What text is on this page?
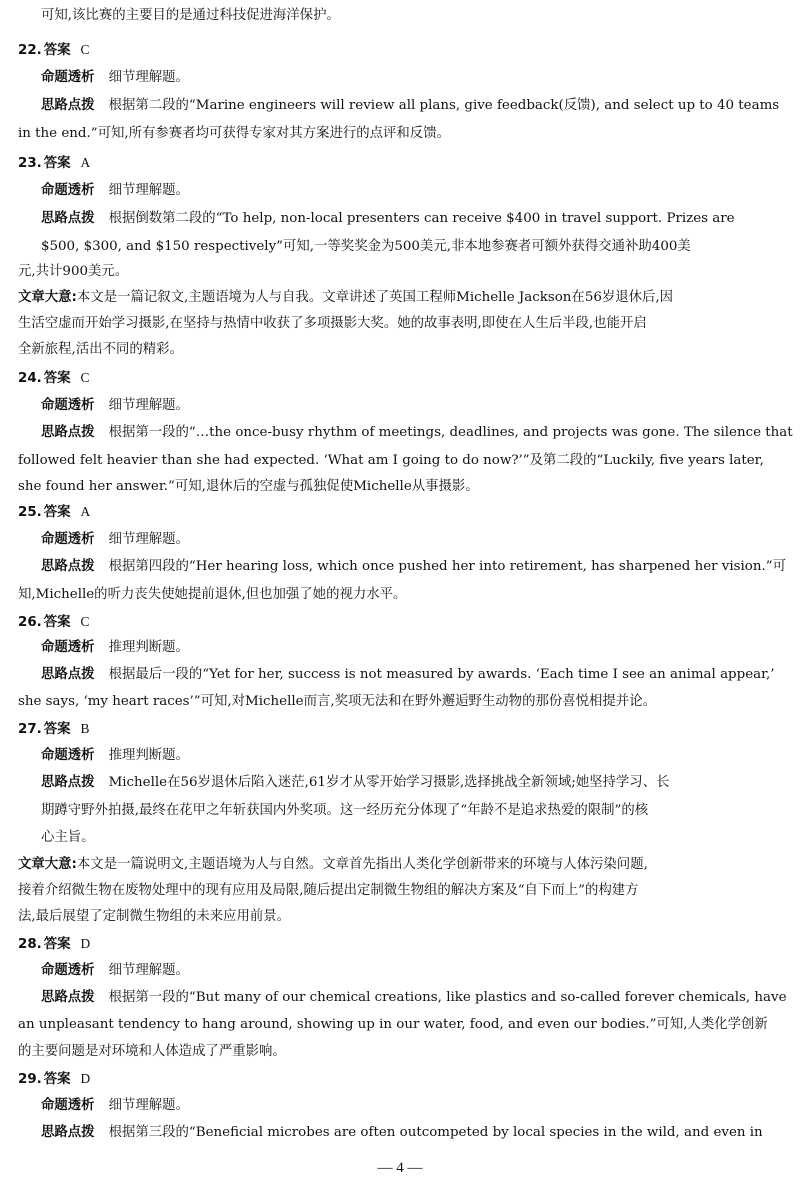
可知,该比赛的主要目的是通过科技促进海洋保护。
22. 答案 C
命题透析 细节理解题。
思路点拨 根据第二段的“Marine engineers will review all plans, give feedback(反馈), and select up to 40 teams
in the end.”可知,所有参赛者均可获得专家对其方案进行的点评和反馈。
23. 答案 A
命题透析 细节理解题。
思路点拨 根据倒数第二段的“To help, non-local presenters can receive $400 in travel support. Prizes are
$500, $300, and $150 respectively”可知,一等奖奖金为500美元,非本地参赛者可额外获得交通补助400美
元,共计900美元。
文章大意:本文是一篇记叙文,主题语境为人与自我。文章讲述了英国工程师Michelle Jackson在56岁退休后,因
生活空虚而开始学习摄影,在坚持与热情中收获了多项摄影大奖。她的故事表明,即使在人生后半段,也能开启
全新旅程,活出不同的精彩。
24. 答案 C
命题透析 细节理解题。
思路点拨 根据第一段的“…the once-busy rhythm of meetings, deadlines, and projects was gone. The silence that
followed felt heavier than she had expected. ‘What am I going to do now?’”及第二段的“Luckily, five years later,
she found her answer.”可知,退休后的空虚与孤独促使Michelle从事摄影。
25. 答案 A
命题透析 细节理解题。
思路点拨 根据第四段的“Her hearing loss, which once pushed her into retirement, has sharpened her vision.”可
知,Michelle的听力丧失使她提前退休,但也加强了她的视力水平。
26. 答案 C
命题透析 推理判断题。
思路点拨 根据最后一段的“Yet for her, success is not measured by awards. ‘Each time I see an animal appear,’
she says, ‘my heart races’”可知,对Michelle而言,奖项无法和在野外邂逅野生动物的那份喜悦相提并论。
27. 答案 B
命题透析 推理判断题。
思路点拨 Michelle在56岁退休后陷入迷茫,61岁才从零开始学习摄影,选择挑战全新领域;她坚持学习、长
期蹲守野外拍摄,最终在花甲之年斩获国内外奖项。这一经历充分体现了“年龄不是追求热爱的限制”的核
心主旨。
文章大意:本文是一篇说明文,主题语境为人与自然。文章首先指出人类化学创新带来的环境与人体污染问题,
接着介绍微生物在废物处理中的现有应用及局限,随后提出定制微生物组的解决方案及“自下而上”的构建方
法,最后展望了定制微生物组的未来应用前景。
28. 答案 D
命题透析 细节理解题。
思路点拨 根据第一段的“But many of our chemical creations, like plastics and so-called forever chemicals, have
an unpleasant tendency to hang around, showing up in our water, food, and even our bodies.”可知,人类化学创新
的主要问题是对环境和人体造成了严重影响。
29. 答案 D
命题透析 细节理解题。
思路点拨 根据第三段的“Beneficial microbes are often outcompeted by local species in the wild, and even in
— 4 —
